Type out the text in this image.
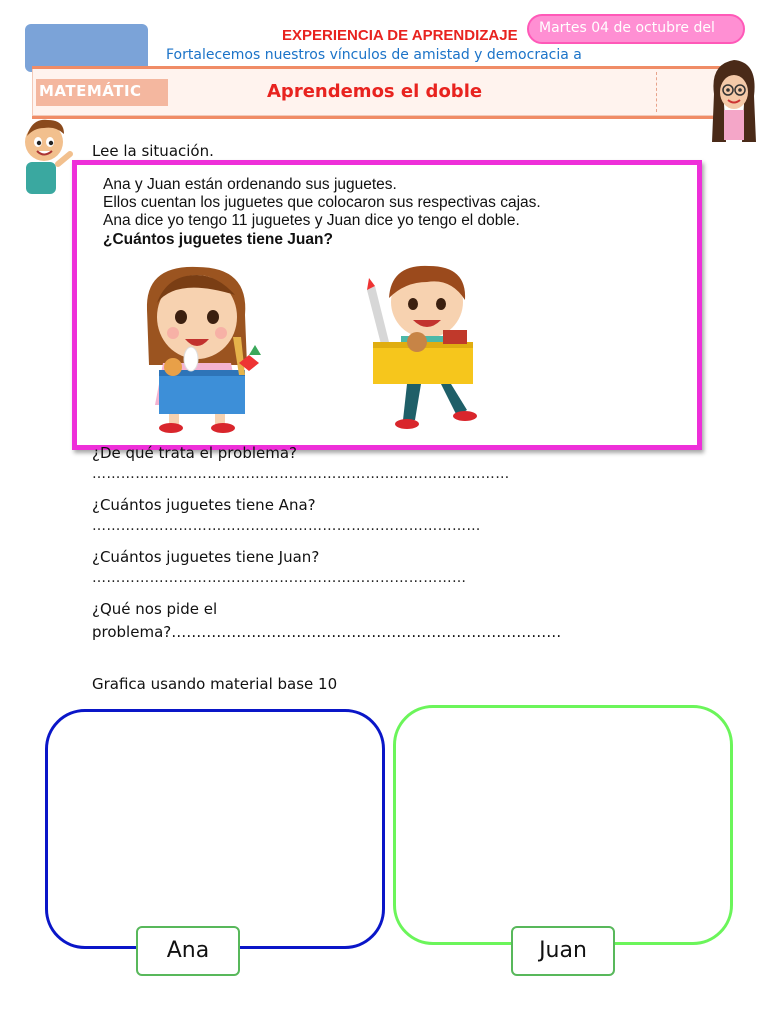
EXPERIENCIA DE APRENDIZAJE Martes 04 de octubre del
Fortalecemos nuestros vínculos de amistad y democracia a
MATEMÁTIC	Aprendemos el doble
Lee la situación.
Ana y Juan están ordenando sus juguetes.
Ellos cuentan los juguetes que colocaron sus respectivas cajas.
Ana dice yo tengo 11 juguetes y Juan dice yo tengo el doble.
¿Cuántos juguetes tiene Juan?
¿De qué trata el problema?
……………………………………………………………………………
¿Cuántos juguetes tiene Ana?
………………………………………………………………………
¿Cuántos juguetes tiene Juan?
……………………………………………………………………
¿Qué nos pide el
problema?……………………………………………………………………
Grafica usando material base 10
Ana	Juan
